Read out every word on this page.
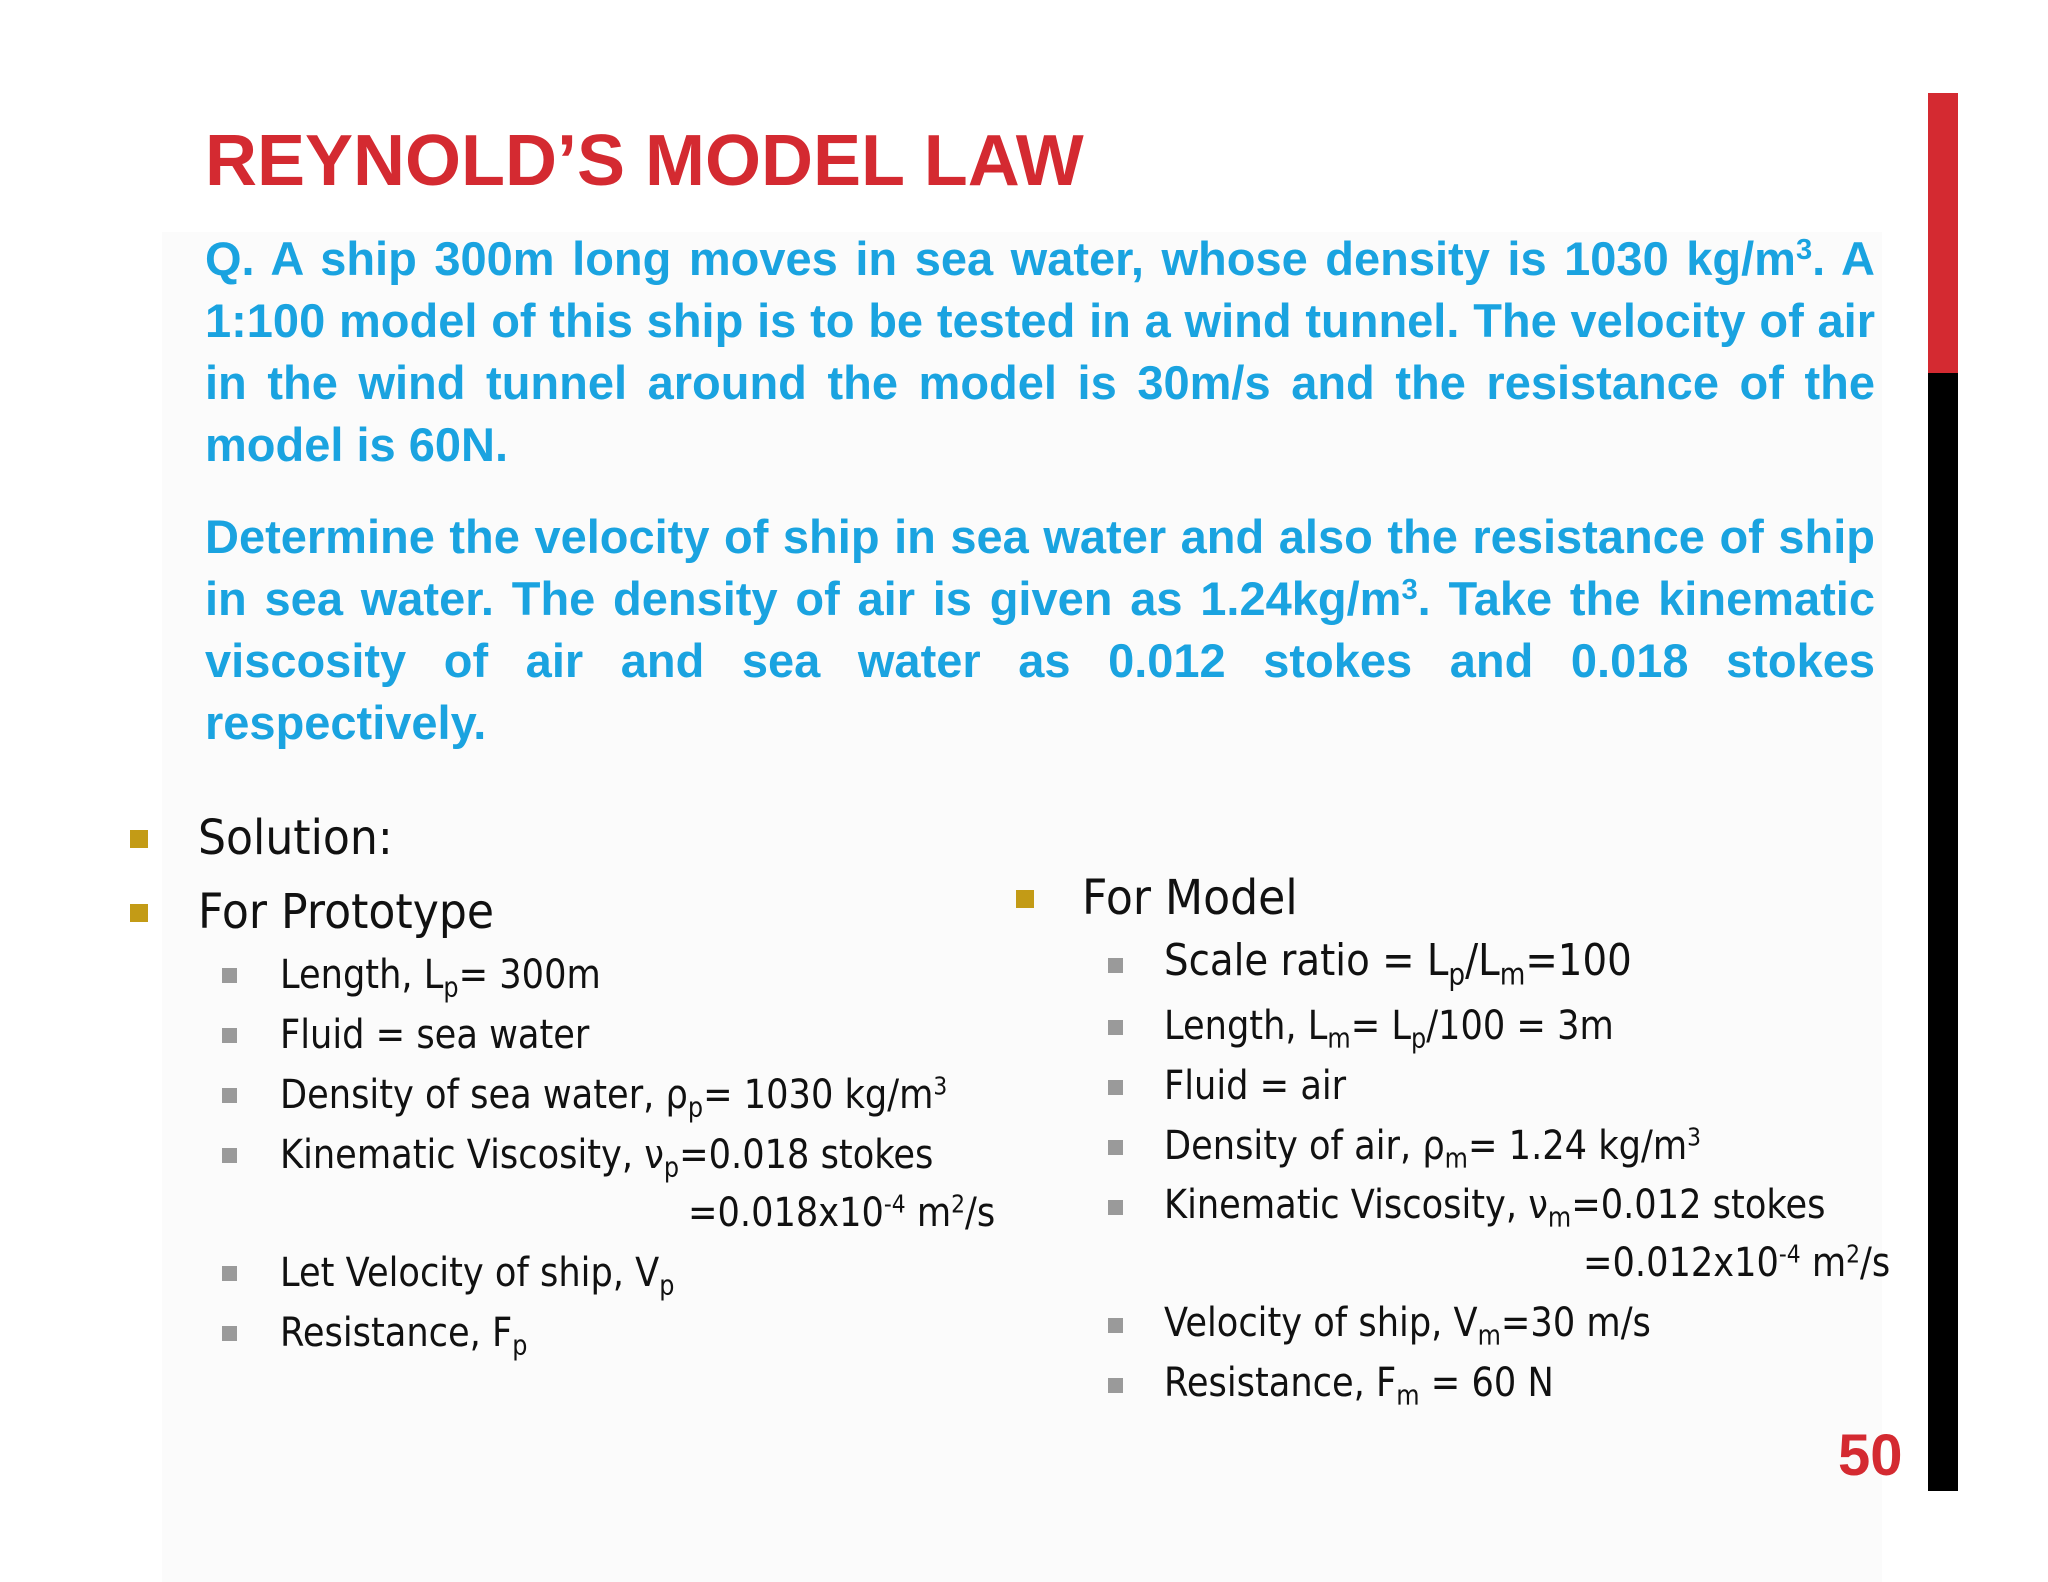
REYNOLD’S MODEL LAW

Q. A ship 300m long moves in sea water, whose density is 1030 $kg/m^3$. A 1:100 model of this ship is to be tested in a wind tunnel. The velocity of air in the wind tunnel around the model is 30m/s and the resistance of the model is 60N.

Determine the velocity of ship in sea water and also the resistance of ship in sea water. The density of air is given as $1.24kg/m^3$. Take the kinematic viscosity of air and sea water as 0.012 stokes and 0.018 stokes respectively.

Solution:
For Prototype
Length, $L_p= 300m$
Fluid = sea water
Density of sea water, $\rho_p= 1030$ $kg/m^3$
Kinematic Viscosity, $\nu_p=0.018$ stokes
$=0.018x10^{-4}$ $m^2/s$
Let Velocity of ship, $V_p$
Resistance, $F_p$
For Model
Scale ratio = $L_p/L_m=100$
Length, $L_m= L_p/100 = 3m$
Fluid = air
Density of air, $\rho_m= 1.24$ $kg/m^3$
Kinematic Viscosity, $\nu_m=0.012$ stokes
$=0.012x10^{-4}$ $m^2/s$
Velocity of ship, $V_m=30$ m/s
Resistance, $F_m = 60$ N
50
